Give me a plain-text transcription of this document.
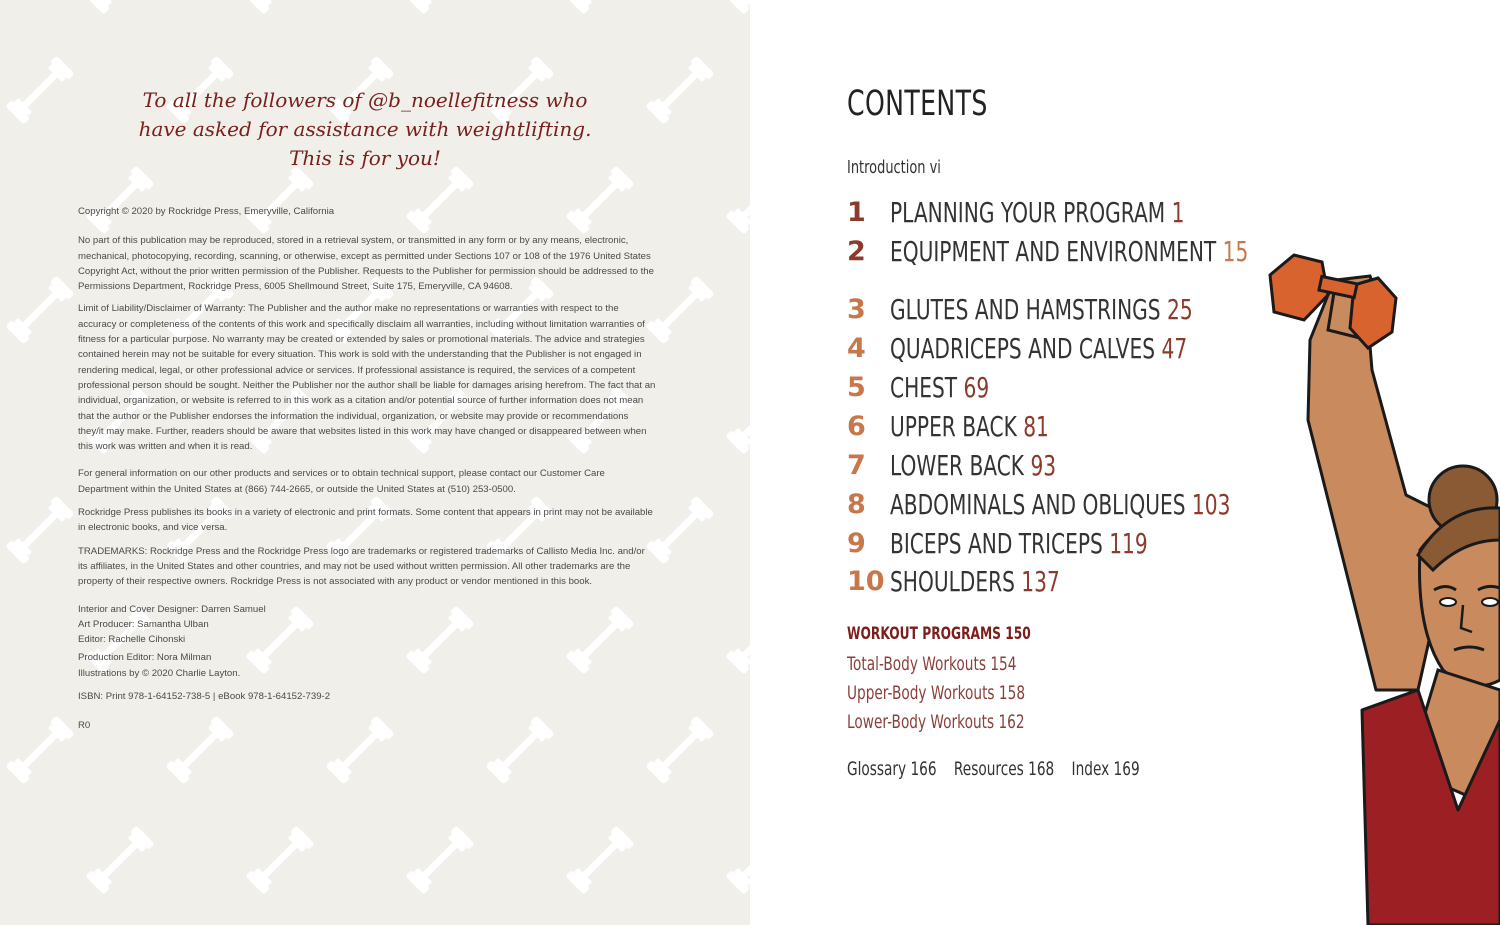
To all the followers of @b_noellefitness who
have asked for assistance with weightlifting.
This is for you!

Copyright © 2020 by Rockridge Press, Emeryville, California

No part of this publication may be reproduced, stored in a retrieval system, or transmitted in any form or by any means, electronic, mechanical, photocopying, recording, scanning, or otherwise, except as permitted under Sections 107 or 108 of the 1976 United States Copyright Act, without the prior written permission of the Publisher. Requests to the Publisher for permission should be addressed to the Permissions Department, Rockridge Press, 6005 Shellmound Street, Suite 175, Emeryville, CA 94608.

Limit of Liability/Disclaimer of Warranty: The Publisher and the author make no representations or warranties with respect to the accuracy or completeness of the contents of this work and specifically disclaim all warranties, including without limitation warranties of fitness for a particular purpose. No warranty may be created or extended by sales or promotional materials. The advice and strategies contained herein may not be suitable for every situation. This work is sold with the understanding that the Publisher is not engaged in rendering medical, legal, or other professional advice or services. If professional assistance is required, the services of a competent professional person should be sought. Neither the Publisher nor the author shall be liable for damages arising herefrom. The fact that an individual, organization, or website is referred to in this work as a citation and/or potential source of further information does not mean that the author or the Publisher endorses the information the individual, organization, or website may provide or recommendations they/it may make. Further, readers should be aware that websites listed in this work may have changed or disappeared between when this work was written and when it is read.

For general information on our other products and services or to obtain technical support, please contact our Customer Care Department within the United States at (866) 744-2665, or outside the United States at (510) 253-0500.

Rockridge Press publishes its books in a variety of electronic and print formats. Some content that appears in print may not be available in electronic books, and vice versa.

TRADEMARKS: Rockridge Press and the Rockridge Press logo are trademarks or registered trademarks of Callisto Media Inc. and/or its affiliates, in the United States and other countries, and may not be used without written permission. All other trademarks are the property of their respective owners. Rockridge Press is not associated with any product or vendor mentioned in this book.

Interior and Cover Designer: Darren Samuel

Art Producer: Samantha Ulban

Editor: Rachelle Cihonski

Production Editor: Nora Milman

Illustrations by © 2020 Charlie Layton.

ISBN: Print 978-1-64152-738-5 | eBook 978-1-64152-739-2

R0

CONTENTS
Introduction vi
1 PLANNING YOUR PROGRAM 1
2 EQUIPMENT AND ENVIRONMENT 15
3 GLUTES AND HAMSTRINGS 25
4 QUADRICEPS AND CALVES 47
5 CHEST 69
6 UPPER BACK 81
7 LOWER BACK 93
8 ABDOMINALS AND OBLIQUES 103
9 BICEPS AND TRICEPS 119
10 SHOULDERS 137
WORKOUT PROGRAMS 150
Total-Body Workouts 154
Upper-Body Workouts 158
Lower-Body Workouts 162
Glossary 166 Resources 168 Index 169
